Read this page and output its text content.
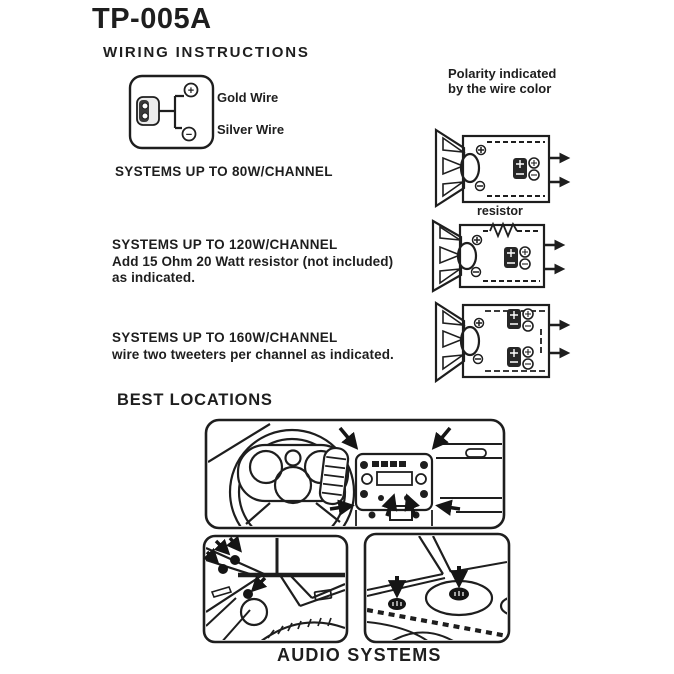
TP-005A
WIRING INSTRUCTIONS
+
−
Gold Wire
Silver Wire
SYSTEMS UP TO 80W/CHANNEL
SYSTEMS UP TO 120W/CHANNEL
Add 15 Ohm 20 Watt resistor (not included)
as indicated.
SYSTEMS UP TO 160W/CHANNEL
wire two tweeters per channel as indicated.
Polarity indicated
by the wire color
resistor
BEST LOCATIONS
AUDIO SYSTEMS
